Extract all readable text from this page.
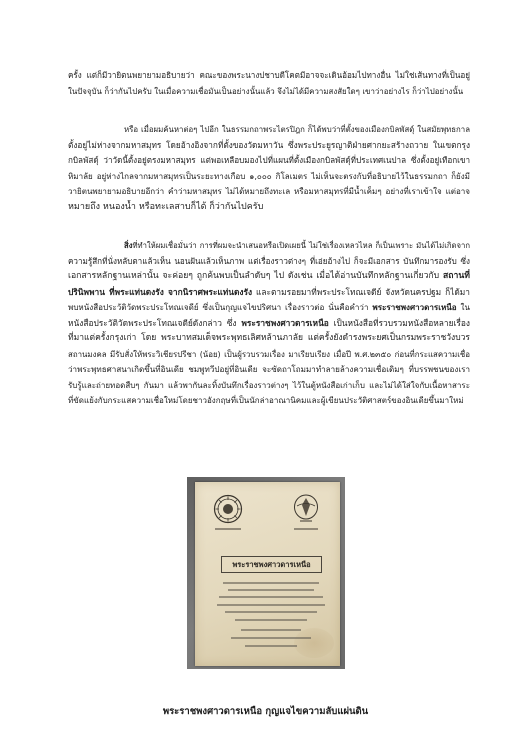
ครั้ง แต่ก็มีวายิตนพยายามอธิบายว่า คณะของพระนางปชาบดีโคตมีอาจจะเดินอ้อมไปทางอื่น ไม่ใช่เส้นทางที่เป็นอยู่
ในปัจจุบัน ก็ว่ากันไปครับ ในเมื่อความเชื่อมันเป็นอย่างนั้นแล้ว จึงไม่ได้มีความสงสัยใดๆ เขาว่าอย่างไร ก็ว่าไปอย่างนั้น
หรือ เมื่อผมค้นหาต่อๆ ไปอีก ในธรรมกถาพระไตรปิฎก ก็ได้พบว่าที่ตั้งของเมืองกบิลพัสดุ์ ในสมัยพุทธกาล
ตั้งอยู่ไม่ห่างจากมหาสมุทร โดยอ้างอิงจากที่ตั้งของวัดมหาวัน ซึ่งพระประยูรญาติฝ่ายศากยะสร้างถวาย ในเขตกรุง
กบิลพัสดุ์ ว่าวัดนี้ตั้งอยู่ตรงมหาสมุทร แต่พอเหลือบมองไปที่แผนที่ตั้งเมืองกบิลพัสดุ์ที่ประเทศเนปาล ซึ่งตั้งอยู่เทือกเขา
หิมาลัย อยู่ห่างไกลจากมหาสมุทรเป็นระยะทางเกือบ ๑,๐๐๐ กิโลเมตร ไม่เห็นจะตรงกับที่อธิบายไว้ในธรรมกถา ก็ยังมี
วายิตนพยายามอธิบายอีกว่า คำว่ามหาสมุทร ไม่ได้หมายถึงทะเล หรือมหาสมุทรที่มีน้ำเค็มๆ อย่างที่เราเข้าใจ แต่อาจ
หมายถึง หนองน้ำ หรือทะเลสาบก็ได้ ก็ว่ากันไปครับ
สิ่งที่ทำให้ผมเชื่อมั่นว่า การที่ผมจะนำเสนอหรือเปิดเผยนี้ ไม่ใช่เรื่องเหลวไหล ก็เป็นเพราะ มันได้ไม่เกิดจาก
ความรู้สึกที่นั่งหลับตาแล้วเห็น นอนฝันแล้วเห็นภาพ แต่เรื่องราวต่างๆ ที่เอ่ยอ้างไป ก็จะมีเอกสาร บันทึกมารองรับ ซึ่ง
เอกสารหลักฐานเหล่านั้น จะค่อยๆ ถูกค้นพบเป็นลำดับๆ ไป ดังเช่น เมื่อได้อ่านบันทึกหลักฐานเกี่ยวกับ สถานที่
ปรินิพพาน ที่พระแท่นดงรัง จากนิราศพระแท่นดงรัง และตามรอยมาที่พระประโทณเจดีย์ จังหวัดนครปฐม ก็ได้มา
พบหนังสือประวัติวัดพระประโทณเจดีย์ ซึ่งเป็นกุญแจไขปริศนา เรื่องราวต่อ นั่นคือคำว่า พระราชพงศาวดารเหนือ ใน
หนังสือประวัติวัดพระประโทณเจดีย์ดังกล่าว ซึ่ง พระราชพงศาวดารเหนือ เป็นหนังสือที่รวบรวมหนังสือหลายเรื่อง
ที่มาแต่ครั้งกรุงเก่า โดย พระบาทสมเด็จพระพุทธเลิศหล้านภาลัย แต่ครั้งยังดำรงพระยศเป็นกรมพระราชวังบวร
สถานมงคล มีรับสั่งให้พระวิเชียรปรีชา (น้อย) เป็นผู้รวบรวมเรื่อง มาเรียบเรียง เมื่อปี พ.ศ.๒๓๕๐ ก่อนที่กระแสความเชื่อ
ว่าพระพุทธศาสนาเกิดขึ้นที่อินเดีย ชมพูทวีปอยู่ที่อินเดีย จะซัดถาโถมมาทำลายล้างความเชื่อเดิมๆ ที่บรรพชนของเรา
รับรู้และถ่ายทอดสืบๆ กันมา แล้วพากันละทิ้งบันทึกเรื่องราวต่างๆ ไว้ในตู้หนังสือเก่าเก็บ และไม่ได้ใส่ใจกับเนื้อหาสาระ
ที่ขัดแย้งกับกระแสความเชื่อใหม่โดยชาวอังกฤษที่เป็นนักล่าอาณานิคมและผู้เขียนประวัติศาสตร์ของอินเดียขึ้นมาใหม่
พระราชพงศาวดารเหนือ
พระราชพงศาวดารเหนือ กุญแจไขความลับแผ่นดิน
